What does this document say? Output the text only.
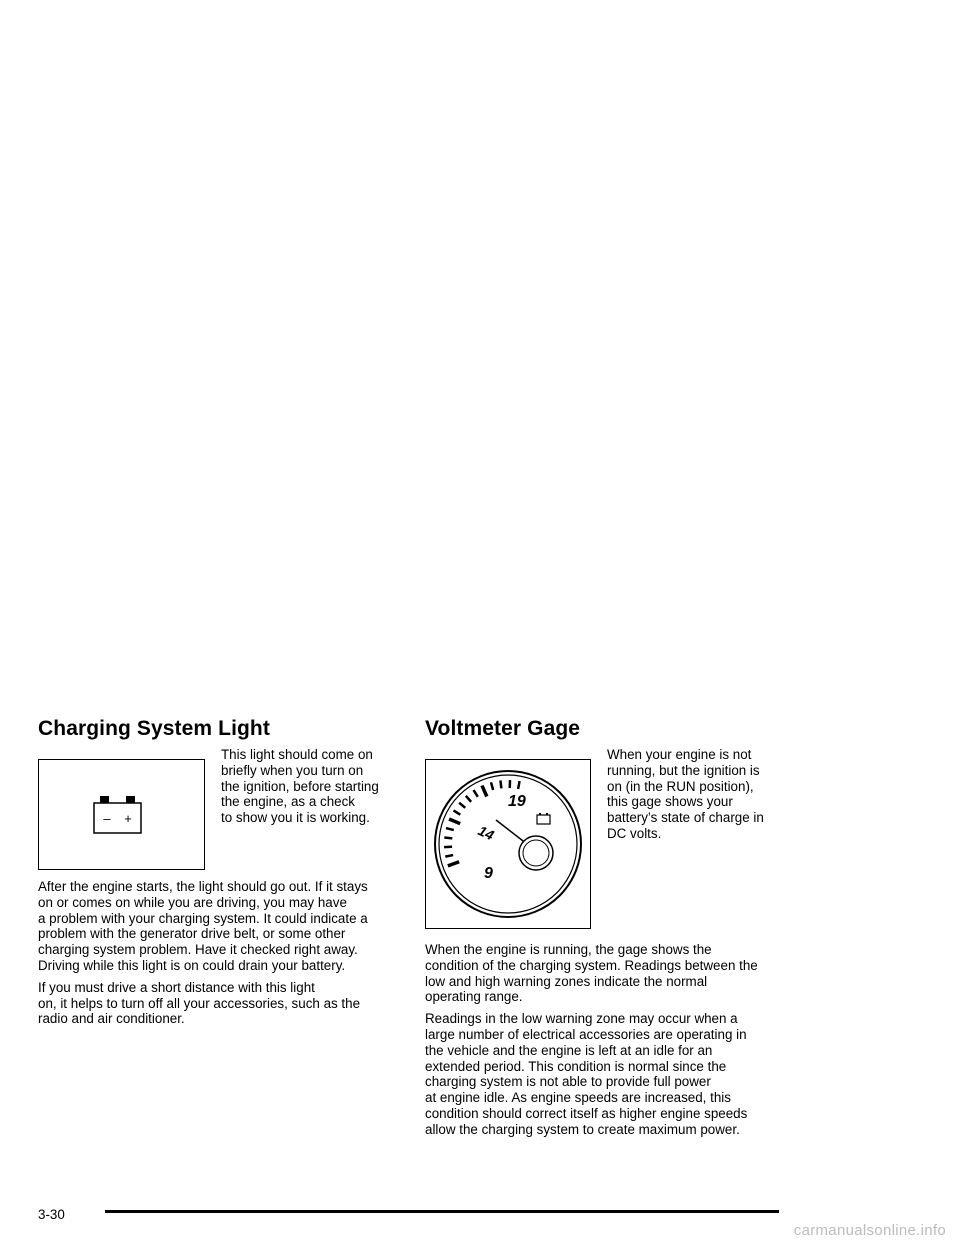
Charging System Light
– +
This light should come on
briefly when you turn on
the ignition, before starting
the engine, as a check
to show you it is working.

After the engine starts, the light should go out. If it stays
on or comes on while you are driving, you may have
a problem with your charging system. It could indicate a
problem with the generator drive belt, or some other
charging system problem. Have it checked right away.
Driving while this light is on could drain your battery.

If you must drive a short distance with this light
on, it helps to turn off all your accessories, such as the
radio and air conditioner.

Voltmeter Gage
9
14
19
When your engine is not
running, but the ignition is
on (in the RUN position),
this gage shows your
battery’s state of charge in
DC volts.

When the engine is running, the gage shows the
condition of the charging system. Readings between the
low and high warning zones indicate the normal
operating range.

Readings in the low warning zone may occur when a
large number of electrical accessories are operating in
the vehicle and the engine is left at an idle for an
extended period. This condition is normal since the
charging system is not able to provide full power
at engine idle. As engine speeds are increased, this
condition should correct itself as higher engine speeds
allow the charging system to create maximum power.

3-30
carmanualsonline.info
